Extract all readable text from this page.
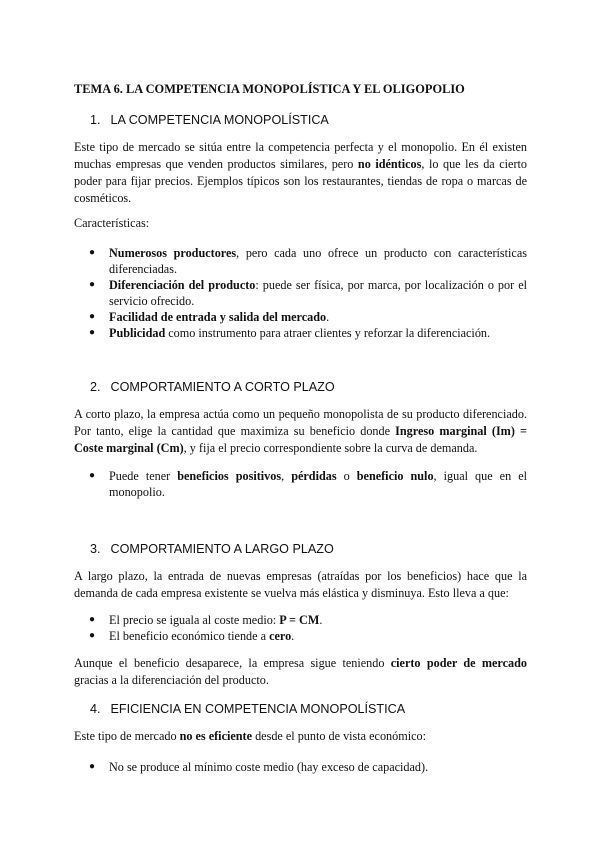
TEMA 6. LA COMPETENCIA MONOPOLÍSTICA Y EL OLIGOPOLIO
1. LA COMPETENCIA MONOPOLÍSTICA

Este tipo de mercado se sitúa entre la competencia perfecta y el monopolio. En él existen muchas empresas que venden productos similares, pero no idénticos, lo que les da cierto poder para fijar precios. Ejemplos típicos son los restaurantes, tiendas de ropa o marcas de cosméticos.

Características:

● Numerosos productores, pero cada uno ofrece un producto con características diferenciadas.
● Diferenciación del producto: puede ser física, por marca, por localización o por el servicio ofrecido.
● Facilidad de entrada y salida del mercado.
● Publicidad como instrumento para atraer clientes y reforzar la diferenciación.
2. COMPORTAMIENTO A CORTO PLAZO

A corto plazo, la empresa actúa como un pequeño monopolista de su producto diferenciado. Por tanto, elige la cantidad que maximiza su beneficio donde Ingreso marginal (Im) = Coste marginal (Cm), y fija el precio correspondiente sobre la curva de demanda.

● Puede tener beneficios positivos, pérdidas o beneficio nulo, igual que en el monopolio.
3. COMPORTAMIENTO A LARGO PLAZO

A largo plazo, la entrada de nuevas empresas (atraídas por los beneficios) hace que la demanda de cada empresa existente se vuelva más elástica y disminuya. Esto lleva a que:

● El precio se iguala al coste medio: P = CM.
● El beneficio económico tiende a cero.

Aunque el beneficio desaparece, la empresa sigue teniendo cierto poder de mercado gracias a la diferenciación del producto.

4. EFICIENCIA EN COMPETENCIA MONOPOLÍSTICA

Este tipo de mercado no es eficiente desde el punto de vista económico:

● No se produce al mínimo coste medio (hay exceso de capacidad).
